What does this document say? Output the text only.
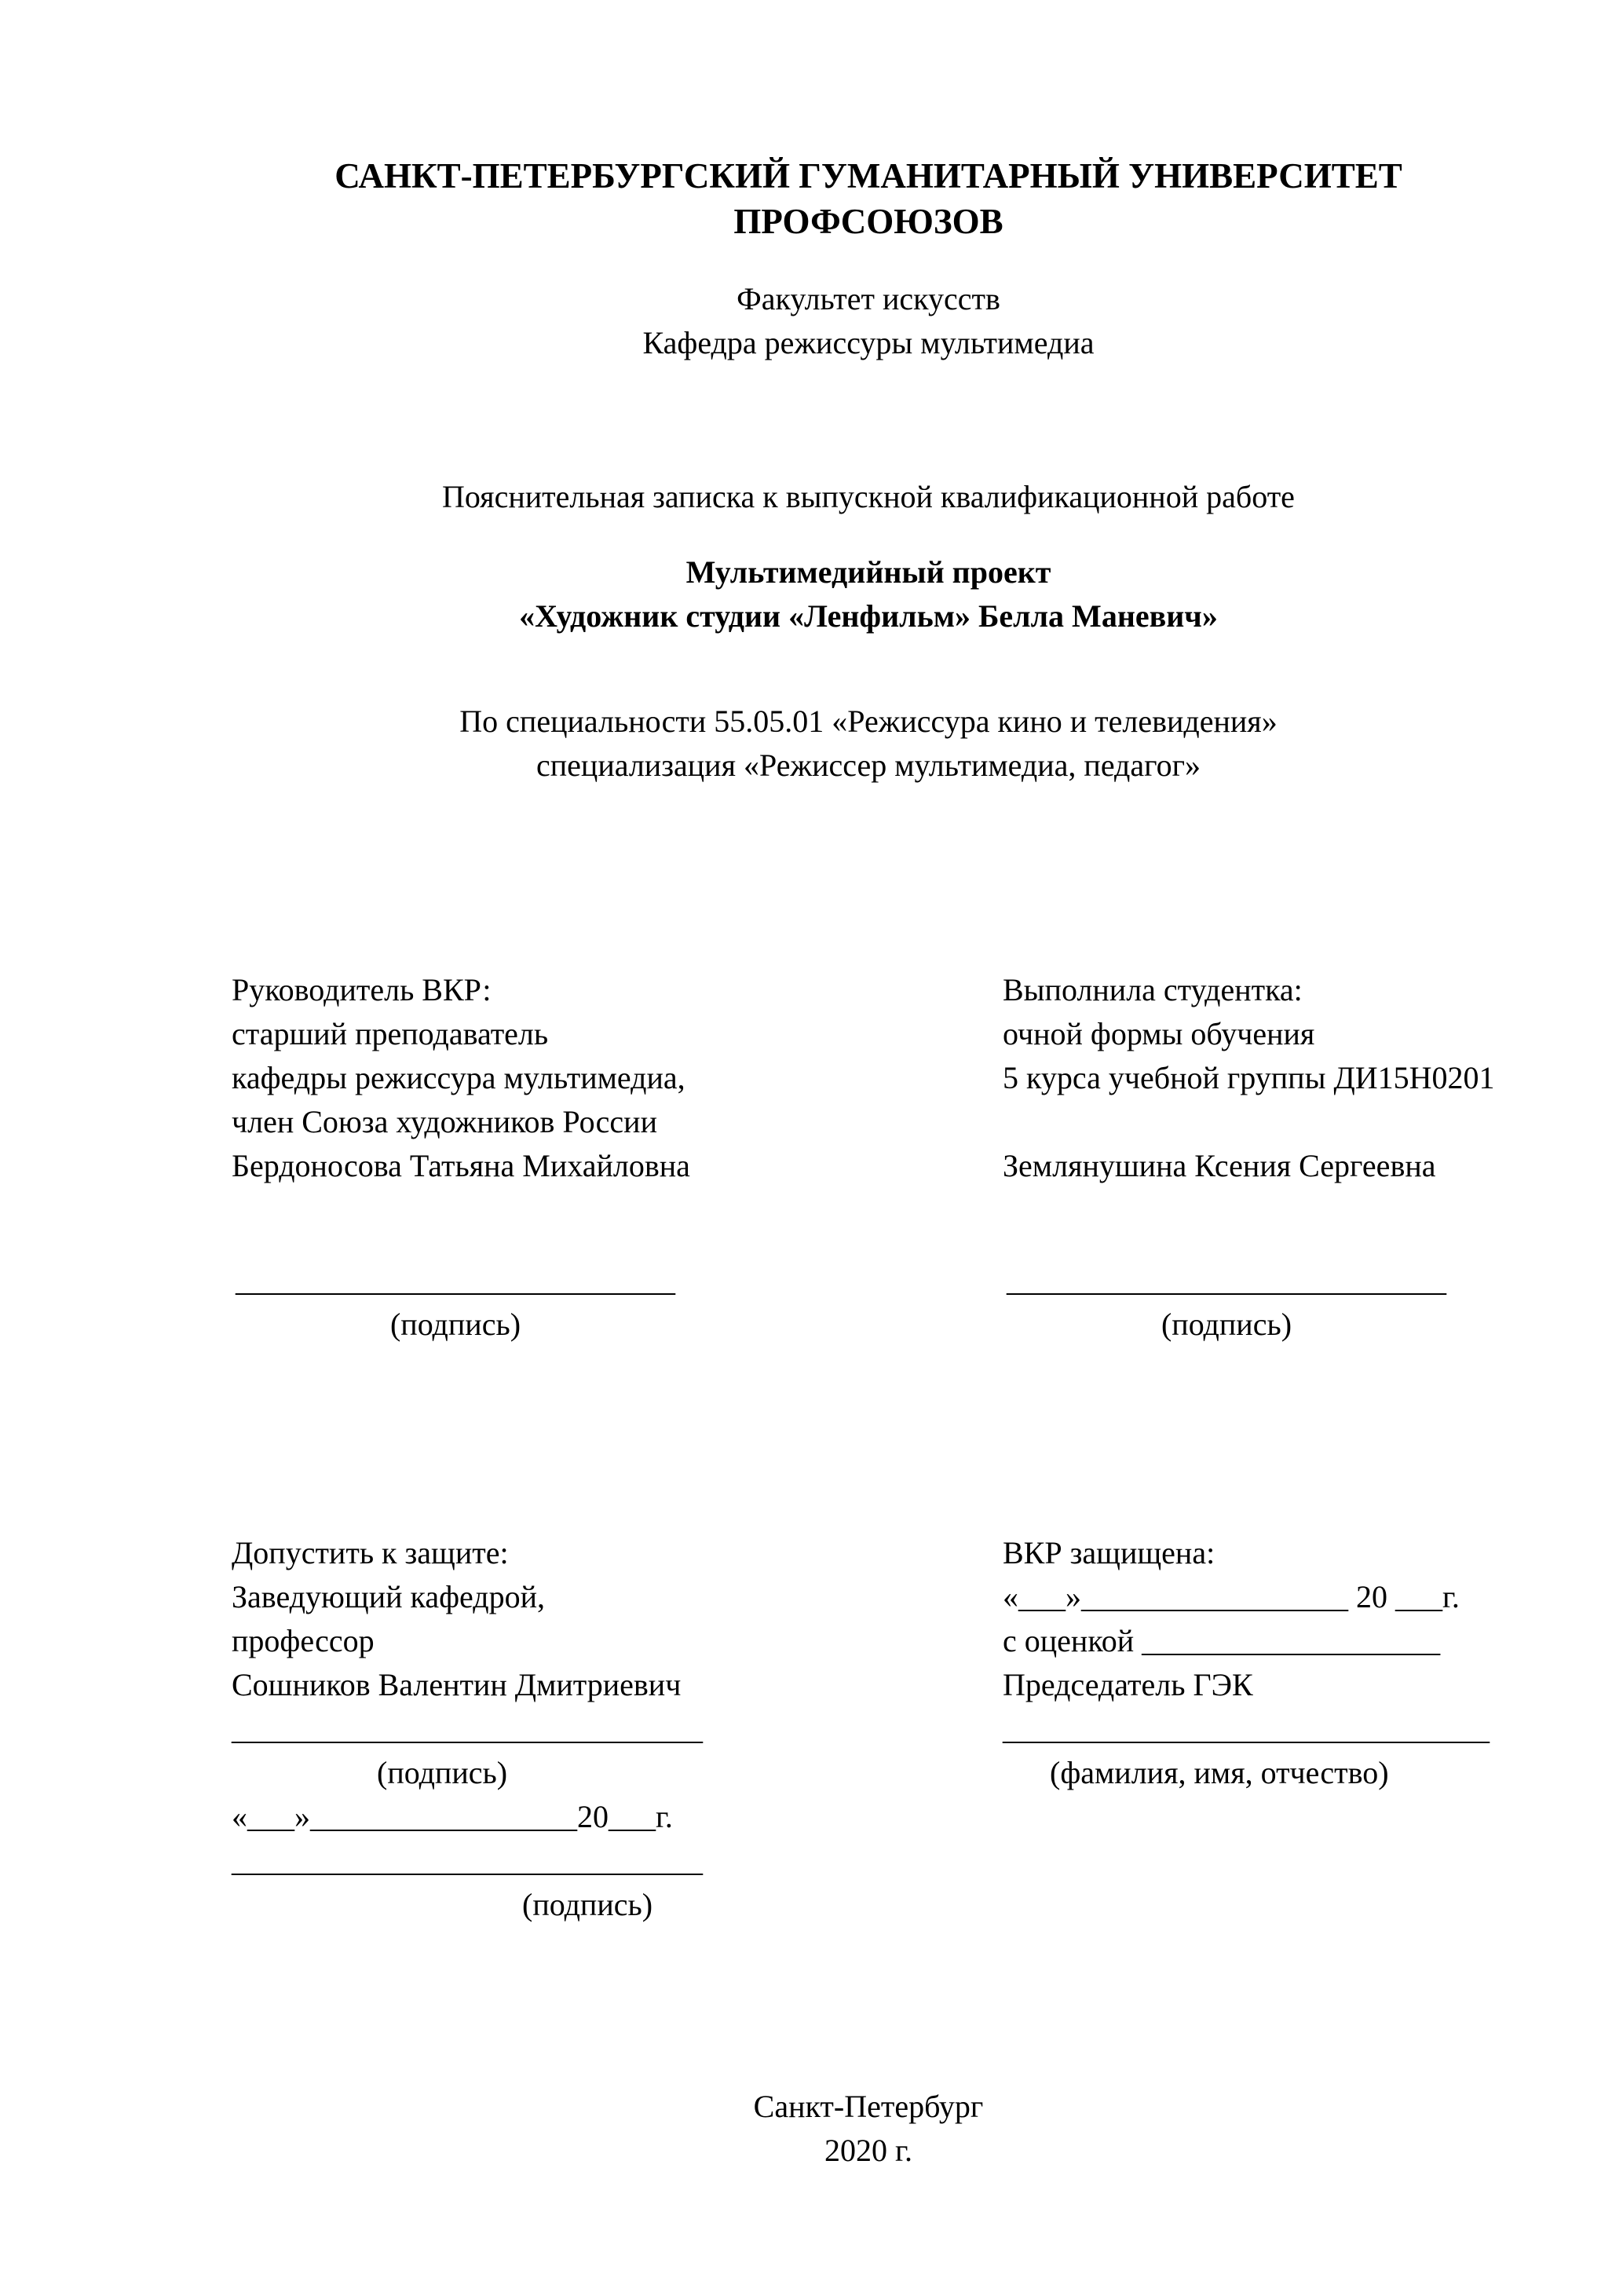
САНКТ-ПЕТЕРБУРГСКИЙ ГУМАНИТАРНЫЙ УНИВЕРСИТЕТ ПРОФСОЮЗОВ
Факультет искусств
Кафедра режиссуры мультимедиа
Пояснительная записка к выпускной квалификационной работе
Мультимедийный проект
«Художник студии «Ленфильм» Белла Маневич»
По специальности 55.05.01 «Режиссура кино и телевидения»
специализация «Режиссер мультимедиа, педагог»
Руководитель ВКР:
старший преподаватель
кафедры режиссура мультимедиа,
член Союза художников России
Бердоносова Татьяна Михайловна
Выполнила студентка:
очной формы обучения
5 курса учебной группы ДИ15Н0201
Землянушина Ксения Сергеевна
____________________________
(подпись)
____________________________
(подпись)
Допустить к защите:
Заведующий кафедрой,
профессор
Сошников Валентин Дмитриевич
______________________________
(подпись)
«___»_________________20___г.
______________________________
(подпись)
ВКР защищена:
«___»_________________ 20 ___г.
с оценкой ___________________
Председатель ГЭК
_______________________________
(фамилия, имя, отчество)
Санкт-Петербург
2020 г.
